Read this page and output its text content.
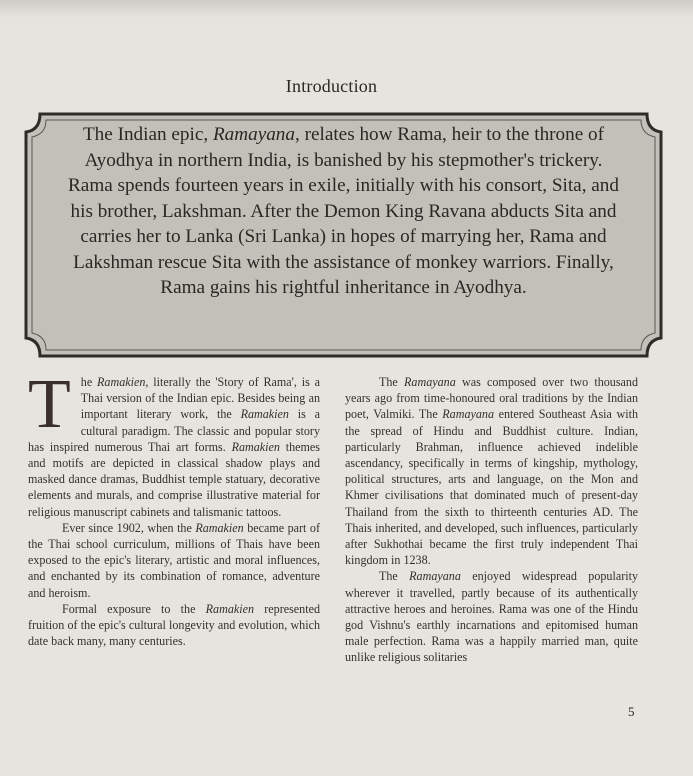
Introduction
The Indian epic, Ramayana, relates how Rama, heir to the throne of Ayodhya in northern India, is banished by his stepmother's trickery. Rama spends fourteen years in exile, initially with his consort, Sita, and his brother, Lakshman. After the Demon King Ravana abducts Sita and carries her to Lanka (Sri Lanka) in hopes of marrying her, Rama and Lakshman rescue Sita with the assistance of monkey warriors. Finally, Rama gains his rightful inheritance in Ayodhya.

The Ramakien, literally the 'Story of Rama', is a Thai version of the Indian epic. Besides being an important literary work, the Ramakien is a cultural paradigm. The classic and popular story has inspired numerous Thai art forms. Ramakien themes and motifs are depicted in classical shadow plays and masked dance dramas, Buddhist temple statuary, decorative elements and murals, and comprise illustrative material for religious manuscript cabinets and talismanic tattoos.

Ever since 1902, when the Ramakien became part of the Thai school curriculum, millions of Thais have been exposed to the epic's literary, artistic and moral influences, and enchanted by its combination of romance, adventure and heroism.

Formal exposure to the Ramakien represented fruition of the epic's cultural longevity and evolution, which date back many, many centuries.

The Ramayana was composed over two thousand years ago from time-honoured oral traditions by the Indian poet, Valmiki. The Ramayana entered Southeast Asia with the spread of Hindu and Buddhist culture. Indian, particularly Brahman, influence achieved indelible ascendancy, specifically in terms of kingship, mythology, political structures, arts and language, on the Mon and Khmer civilisations that dominated much of present-day Thailand from the sixth to thirteenth centuries AD. The Thais inherited, and developed, such influences, particularly after Sukhothai became the first truly independent Thai kingdom in 1238.

The Ramayana enjoyed widespread popularity wherever it travelled, partly because of its authentically attractive heroes and heroines. Rama was one of the Hindu god Vishnu's earthly incarnations and epitomised human male perfection. Rama was a happily married man, quite unlike religious solitaries

5
